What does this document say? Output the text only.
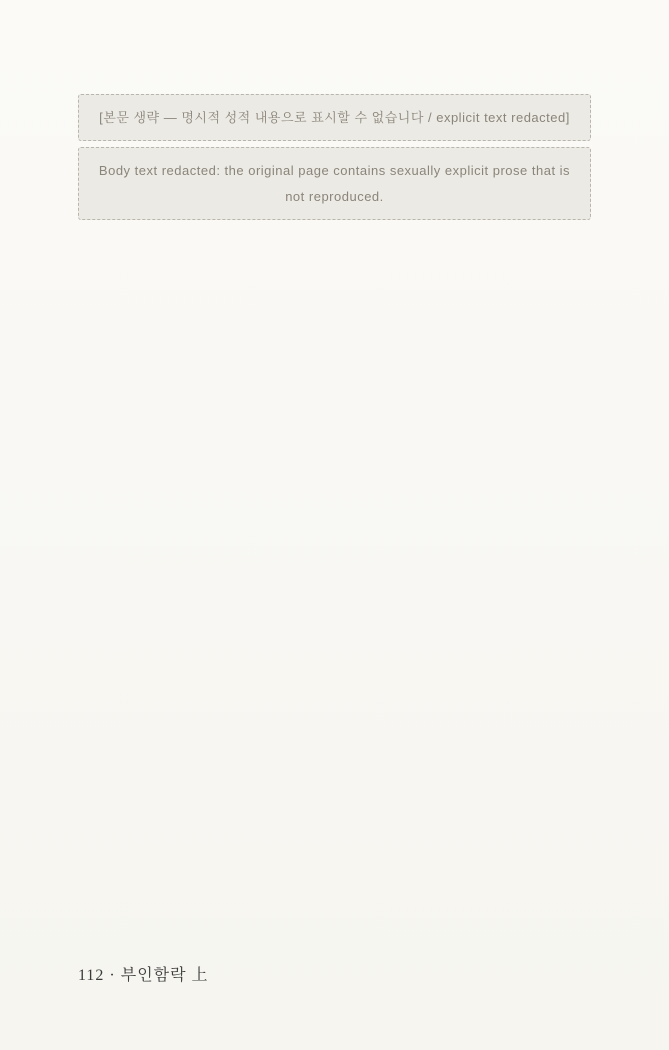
[본문 생략 — 명시적 성적 내용으로 표시할 수 없습니다 / explicit text redacted]
Body text redacted: the original page contains sexually explicit prose that is not reproduced.
112 · 부인함락 上
